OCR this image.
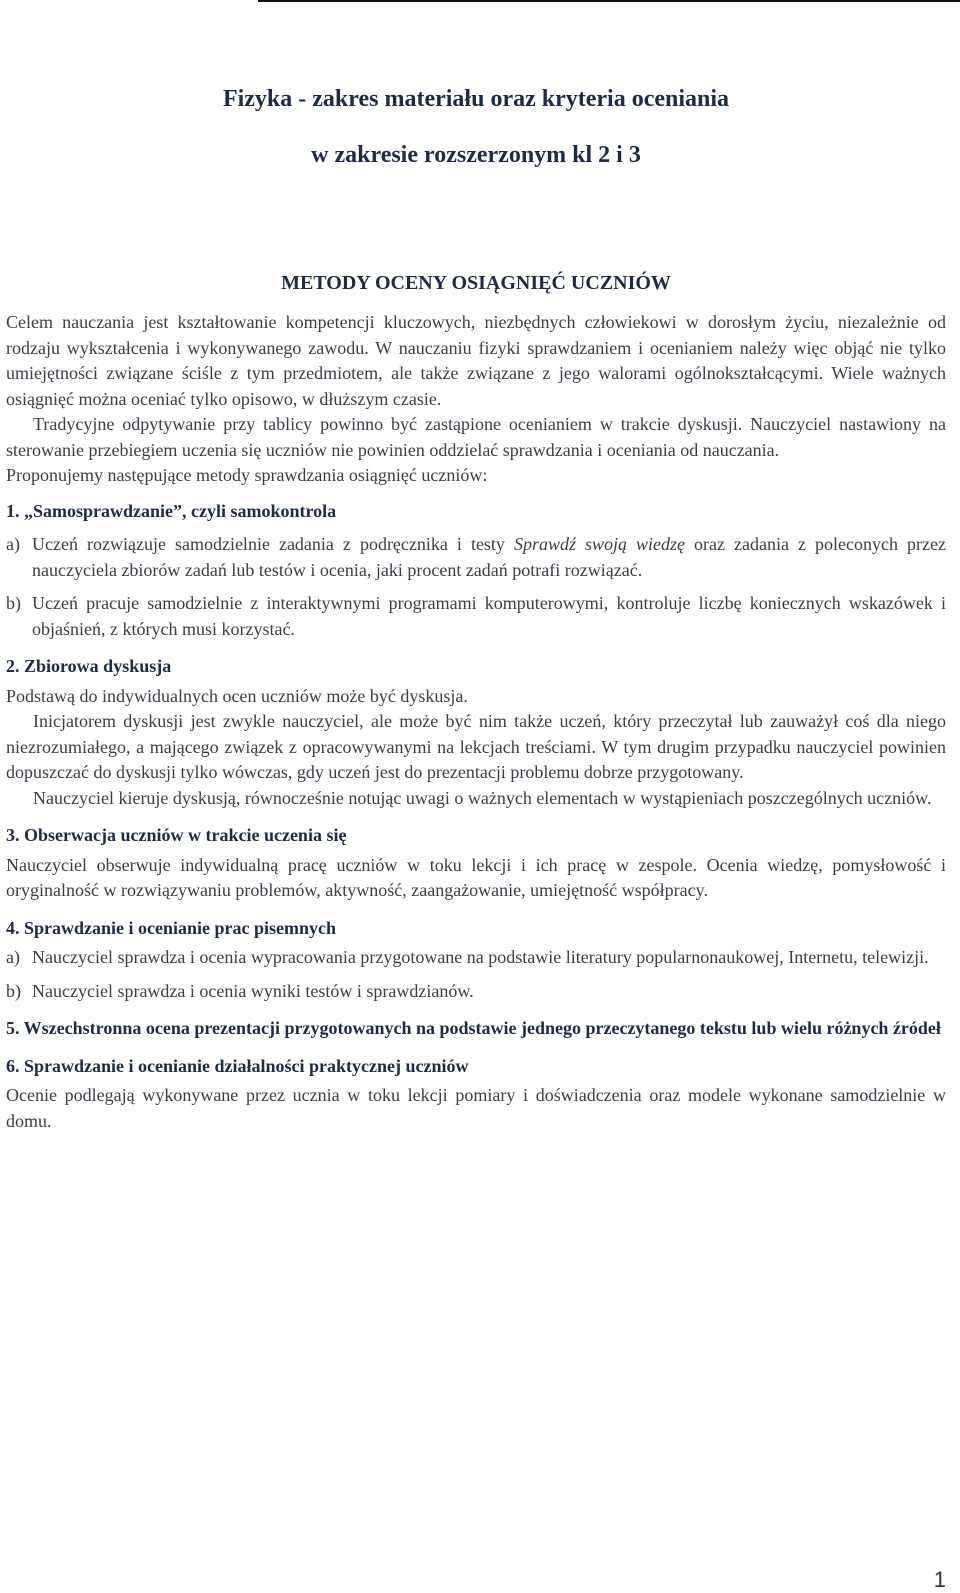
Fizyka - zakres materiału oraz kryteria oceniania
w zakresie rozszerzonym kl 2 i 3
METODY OCENY OSIĄGNIĘĆ UCZNIÓW

Celem nauczania jest kształtowanie kompetencji kluczowych, niezbędnych człowiekowi w dorosłym życiu, niezależnie od rodzaju wykształcenia i wykonywanego zawodu. W nauczaniu fizyki sprawdzaniem i ocenianiem należy więc objąć nie tylko umiejętności związane ściśle z tym przedmiotem, ale także związane z jego walorami ogólnokształcącymi. Wiele ważnych osiągnięć można oceniać tylko opisowo, w dłuższym czasie.

Tradycyjne odpytywanie przy tablicy powinno być zastąpione ocenianiem w trakcie dyskusji. Nauczyciel nastawiony na sterowanie przebiegiem uczenia się uczniów nie powinien oddzielać sprawdzania i oceniania od nauczania.

Proponujemy następujące metody sprawdzania osiągnięć uczniów:

1. „Samosprawdzanie”, czyli samokontrola
a) Uczeń rozwiązuje samodzielnie zadania z podręcznika i testy Sprawdź swoją wiedzę oraz zadania z poleconych przez nauczyciela zbiorów zadań lub testów i ocenia, jaki procent zadań potrafi rozwiązać.
b) Uczeń pracuje samodzielnie z interaktywnymi programami komputerowymi, kontroluje liczbę koniecznych wskazówek i objaśnień, z których musi korzystać.
2. Zbiorowa dyskusja

Podstawą do indywidualnych ocen uczniów może być dyskusja.

Inicjatorem dyskusji jest zwykle nauczyciel, ale może być nim także uczeń, który przeczytał lub zauważył coś dla niego niezrozumiałego, a mającego związek z opracowywanymi na lekcjach treściami. W tym drugim przypadku nauczyciel powinien dopuszczać do dyskusji tylko wówczas, gdy uczeń jest do prezentacji problemu dobrze przygotowany.

Nauczyciel kieruje dyskusją, równocześnie notując uwagi o ważnych elementach w wystąpieniach poszczególnych uczniów.

3. Obserwacja uczniów w trakcie uczenia się

Nauczyciel obserwuje indywidualną pracę uczniów w toku lekcji i ich pracę w zespole. Ocenia wiedzę, pomysłowość i oryginalność w rozwiązywaniu problemów, aktywność, zaangażowanie, umiejętność współpracy.

4. Sprawdzanie i ocenianie prac pisemnych
a) Nauczyciel sprawdza i ocenia wypracowania przygotowane na podstawie literatury popularnonaukowej, Internetu, telewizji.
b) Nauczyciel sprawdza i ocenia wyniki testów i sprawdzianów.
5. Wszechstronna ocena prezentacji przygotowanych na podstawie jednego przeczytanego tekstu lub wielu różnych źródeł
6. Sprawdzanie i ocenianie działalności praktycznej uczniów

Ocenie podlegają wykonywane przez ucznia w toku lekcji pomiary i doświadczenia oraz modele wykonane samodzielnie w domu.

1
